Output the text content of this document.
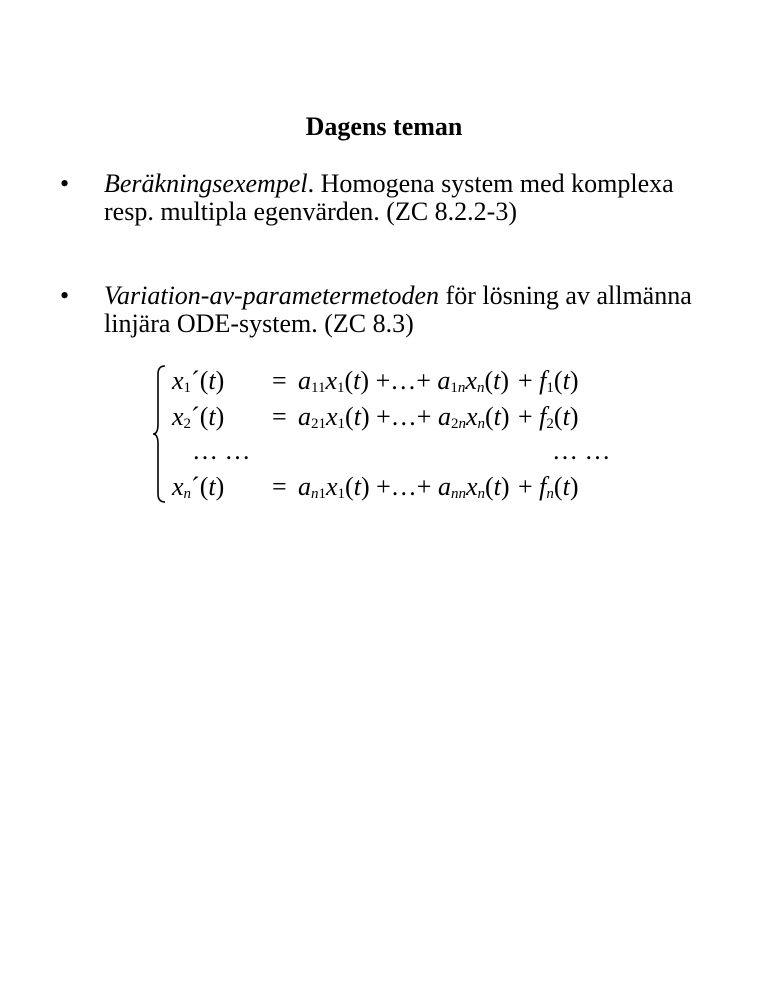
Dagens teman
•	Beräkningsexempel. Homogena system med komplexa resp. multipla egenvärden. (ZC 8.2.2-3)
•	Variation-av-parametermetoden för lösning av allmänna linjära ODE-system. (ZC 8.3)
$x_1´(t) = a_{11}x_1(t)$ +…+ $a_{1n}x_n(t) + f_1(t)$
$x_2´(t) = a_{21}x_1(t)$ +…+ $a_{2n}x_n(t) + f_2(t)$
… …	… …
$x_n´(t) = a_{n1}x_1(t)$ +…+ $a_{nn}x_n(t) + f_n(t)$
